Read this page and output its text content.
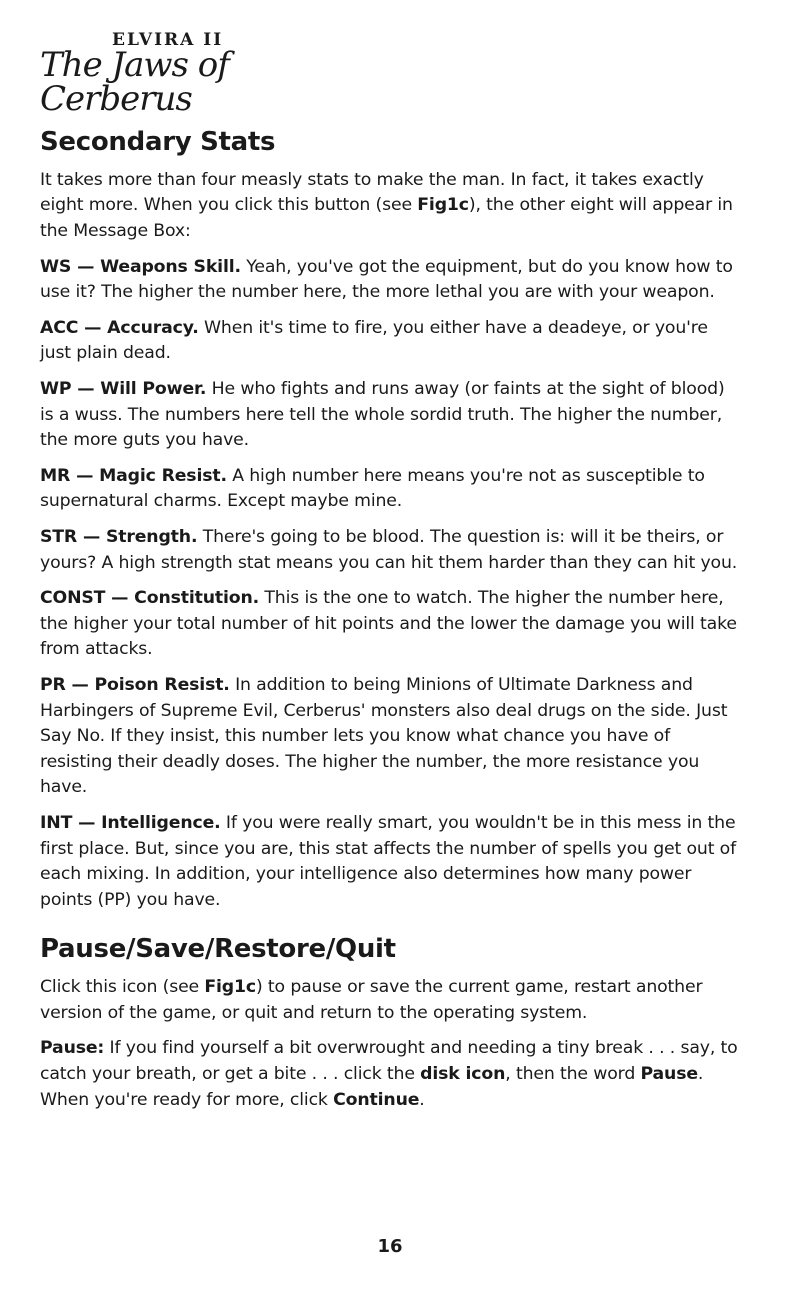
ELVIRA II

The Jaws of Cerberus

Secondary Stats

It takes more than four measly stats to make the man. In fact, it takes exactly eight more. When you click this button (see Fig1c), the other eight will appear in the Message Box:

WS — Weapons Skill. Yeah, you've got the equipment, but do you know how to use it? The higher the number here, the more lethal you are with your weapon.

ACC — Accuracy. When it's time to fire, you either have a deadeye, or you're just plain dead.

WP — Will Power. He who fights and runs away (or faints at the sight of blood) is a wuss. The numbers here tell the whole sordid truth. The higher the number, the more guts you have.

MR — Magic Resist. A high number here means you're not as susceptible to supernatural charms. Except maybe mine.

STR — Strength. There's going to be blood. The question is: will it be theirs, or yours? A high strength stat means you can hit them harder than they can hit you.

CONST — Constitution. This is the one to watch. The higher the number here, the higher your total number of hit points and the lower the damage you will take from attacks.

PR — Poison Resist. In addition to being Minions of Ultimate Darkness and Harbingers of Supreme Evil, Cerberus' monsters also deal drugs on the side. Just Say No. If they insist, this number lets you know what chance you have of resisting their deadly doses. The higher the number, the more resistance you have.

INT — Intelligence. If you were really smart, you wouldn't be in this mess in the first place. But, since you are, this stat affects the number of spells you get out of each mixing. In addition, your intelligence also determines how many power points (PP) you have.

Pause/Save/Restore/Quit

Click this icon (see Fig1c) to pause or save the current game, restart another version of the game, or quit and return to the operating system.

Pause: If you find yourself a bit overwrought and needing a tiny break . . . say, to catch your breath, or get a bite . . . click the disk icon, then the word Pause. When you're ready for more, click Continue.

16
